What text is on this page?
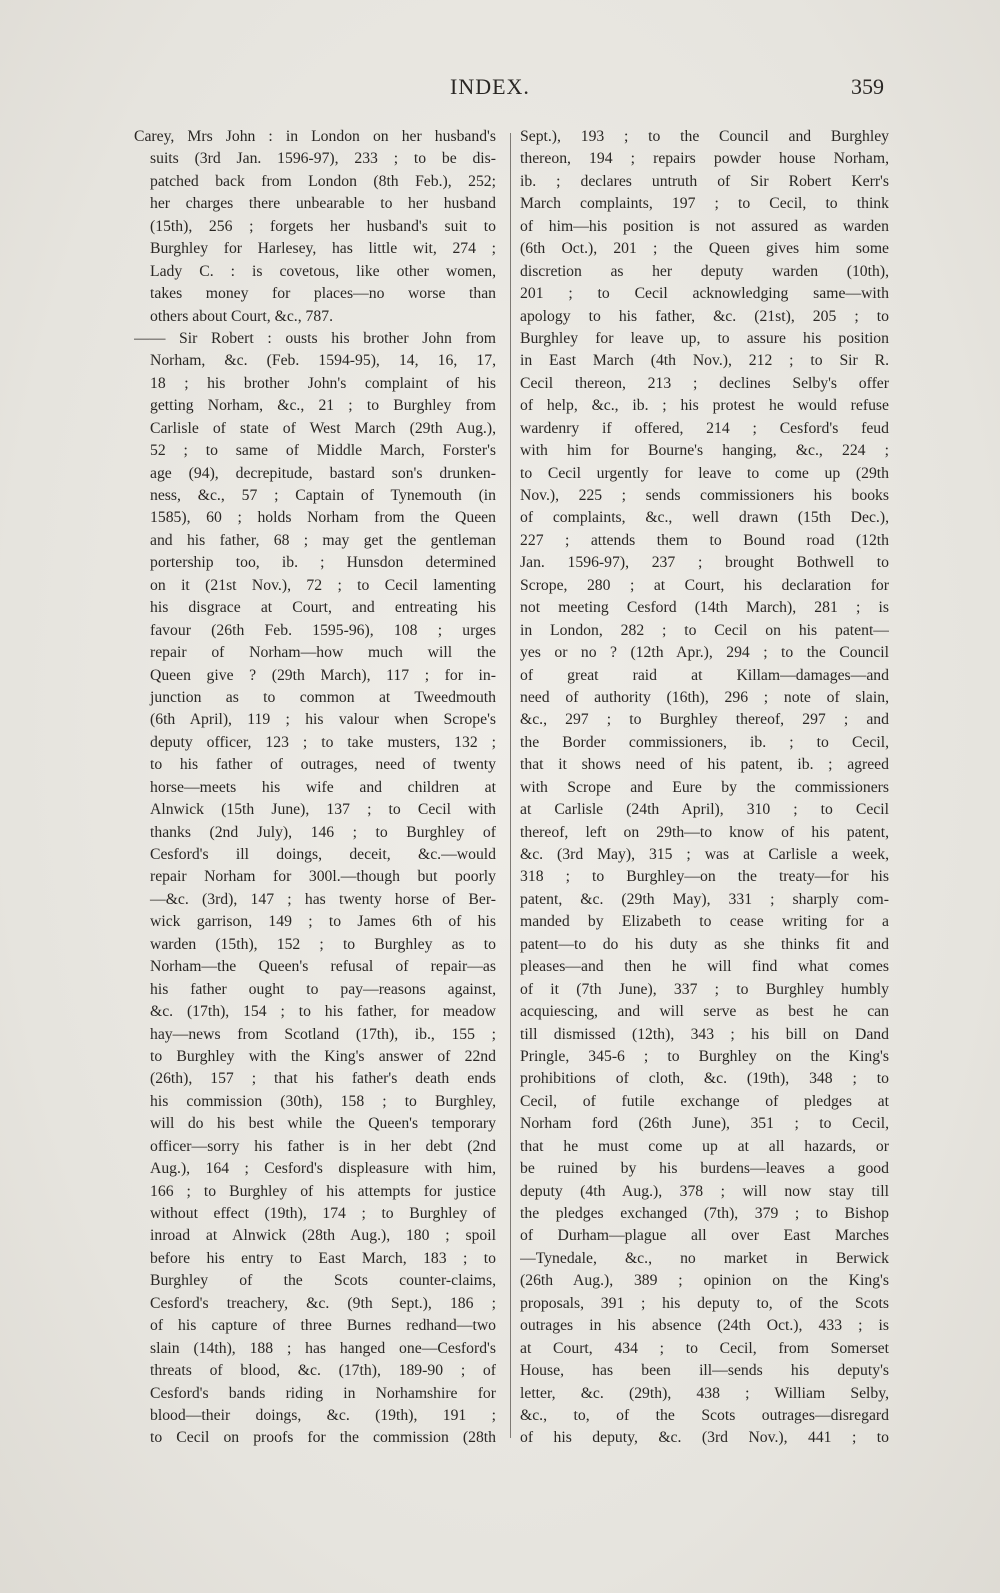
INDEX.	359
Carey, Mrs John : in London on her husband's
suits (3rd Jan. 1596-97), 233 ; to be dis-
patched back from London (8th Feb.), 252;
her charges there unbearable to her husband
(15th), 256 ; forgets her husband's suit to
Burghley for Harlesey, has little wit, 274 ;
Lady C. : is covetous, like other women,
takes money for places—no worse than
others about Court, &c., 787.
—— Sir Robert : ousts his brother John from
Norham, &c. (Feb. 1594-95), 14, 16, 17,
18 ; his brother John's complaint of his
getting Norham, &c., 21 ; to Burghley from
Carlisle of state of West March (29th Aug.),
52 ; to same of Middle March, Forster's
age (94), decrepitude, bastard son's drunken-
ness, &c., 57 ; Captain of Tynemouth (in
1585), 60 ; holds Norham from the Queen
and his father, 68 ; may get the gentleman
portership too, ib. ; Hunsdon determined
on it (21st Nov.), 72 ; to Cecil lamenting
his disgrace at Court, and entreating his
favour (26th Feb. 1595-96), 108 ; urges
repair of Norham—how much will the
Queen give ? (29th March), 117 ; for in-
junction as to common at Tweedmouth
(6th April), 119 ; his valour when Scrope's
deputy officer, 123 ; to take musters, 132 ;
to his father of outrages, need of twenty
horse—meets his wife and children at
Alnwick (15th June), 137 ; to Cecil with
thanks (2nd July), 146 ; to Burghley of
Cesford's ill doings, deceit, &c.—would
repair Norham for 300l.—though but poorly
—&c. (3rd), 147 ; has twenty horse of Ber-
wick garrison, 149 ; to James 6th of his
warden (15th), 152 ; to Burghley as to
Norham—the Queen's refusal of repair—as
his father ought to pay—reasons against,
&c. (17th), 154 ; to his father, for meadow
hay—news from Scotland (17th), ib., 155 ;
to Burghley with the King's answer of 22nd
(26th), 157 ; that his father's death ends
his commission (30th), 158 ; to Burghley,
will do his best while the Queen's temporary
officer—sorry his father is in her debt (2nd
Aug.), 164 ; Cesford's displeasure with him,
166 ; to Burghley of his attempts for justice
without effect (19th), 174 ; to Burghley of
inroad at Alnwick (28th Aug.), 180 ; spoil
before his entry to East March, 183 ; to
Burghley of the Scots counter-claims,
Cesford's treachery, &c. (9th Sept.), 186 ;
of his capture of three Burnes redhand—two
slain (14th), 188 ; has hanged one—Cesford's
threats of blood, &c. (17th), 189-90 ; of
Cesford's bands riding in Norhamshire for
blood—their doings, &c. (19th), 191 ;
to Cecil on proofs for the commission (28th
Sept.), 193 ; to the Council and Burghley
thereon, 194 ; repairs powder house Norham,
ib. ; declares untruth of Sir Robert Kerr's
March complaints, 197 ; to Cecil, to think
of him—his position is not assured as warden
(6th Oct.), 201 ; the Queen gives him some
discretion as her deputy warden (10th),
201 ; to Cecil acknowledging same—with
apology to his father, &c. (21st), 205 ; to
Burghley for leave up, to assure his position
in East March (4th Nov.), 212 ; to Sir R.
Cecil thereon, 213 ; declines Selby's offer
of help, &c., ib. ; his protest he would refuse
wardenry if offered, 214 ; Cesford's feud
with him for Bourne's hanging, &c., 224 ;
to Cecil urgently for leave to come up (29th
Nov.), 225 ; sends commissioners his books
of complaints, &c., well drawn (15th Dec.),
227 ; attends them to Bound road (12th
Jan. 1596-97), 237 ; brought Bothwell to
Scrope, 280 ; at Court, his declaration for
not meeting Cesford (14th March), 281 ; is
in London, 282 ; to Cecil on his patent—
yes or no ? (12th Apr.), 294 ; to the Council
of great raid at Killam—damages—and
need of authority (16th), 296 ; note of slain,
&c., 297 ; to Burghley thereof, 297 ; and
the Border commissioners, ib. ; to Cecil,
that it shows need of his patent, ib. ; agreed
with Scrope and Eure by the commissioners
at Carlisle (24th April), 310 ; to Cecil
thereof, left on 29th—to know of his patent,
&c. (3rd May), 315 ; was at Carlisle a week,
318 ; to Burghley—on the treaty—for his
patent, &c. (29th May), 331 ; sharply com-
manded by Elizabeth to cease writing for a
patent—to do his duty as she thinks fit and
pleases—and then he will find what comes
of it (7th June), 337 ; to Burghley humbly
acquiescing, and will serve as best he can
till dismissed (12th), 343 ; his bill on Dand
Pringle, 345-6 ; to Burghley on the King's
prohibitions of cloth, &c. (19th), 348 ; to
Cecil, of futile exchange of pledges at
Norham ford (26th June), 351 ; to Cecil,
that he must come up at all hazards, or
be ruined by his burdens—leaves a good
deputy (4th Aug.), 378 ; will now stay till
the pledges exchanged (7th), 379 ; to Bishop
of Durham—plague all over East Marches
—Tynedale, &c., no market in Berwick
(26th Aug.), 389 ; opinion on the King's
proposals, 391 ; his deputy to, of the Scots
outrages in his absence (24th Oct.), 433 ; is
at Court, 434 ; to Cecil, from Somerset
House, has been ill—sends his deputy's
letter, &c. (29th), 438 ; William Selby,
&c., to, of the Scots outrages—disregard
of his deputy, &c. (3rd Nov.), 441 ; to
